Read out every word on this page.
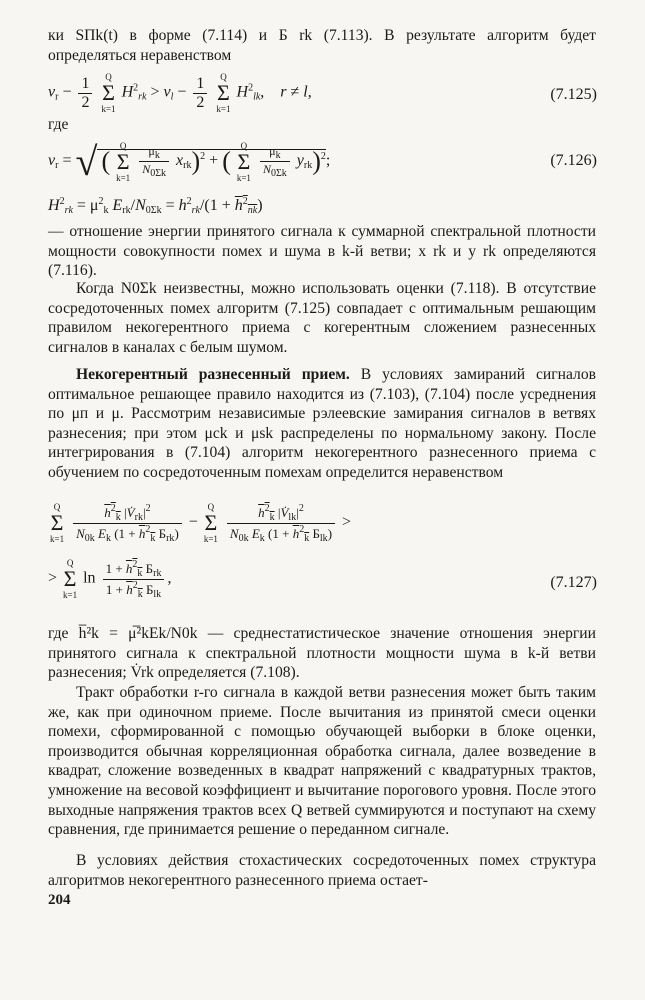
ки SΠk(t) в форме (7.114) и Б rk (7.113). В результате алгоритм будет определяться неравенством
$v_r - \frac{1}{2}$ Q
Σ
k=1 $H^2_{rk} > v_l - \frac{1}{2}$ Q
Σ
k=1 $H^2_{lk}$,    r ≠ l,	(7.125)
где
$v_r$ = √ ( Q
Σ
$k=1 \frac{\mu_k}{N_{0\Sigma k}} x_{rk})^2$ + ( Q
Σ
$k=1 \frac{\mu_k}{N_{0\Sigma k}} y_{rk})^2$;	(7.126)
$H^2_{rk} = \mu^2_k$ $E_{rk}/N_{0\Sigma k} = h^2_{rk}/(1 + h^2_{пk})$
— отношение энергии принятого сигнала к суммарной спектральной плотности мощности совокупности помех и шума в k-й ветви; x rk и y rk определяются (7.116).
Когда N0Σk неизвестны, можно использовать оценки (7.118). В отсутствие сосредоточенных помех алгоритм (7.125) совпадает с оптимальным решающим правилом некогерентного приема с когерентным сложением разнесенных сигналов в каналах с белым шумом.
Некогерентный разнесенный прием. В условиях замираний сигналов оптимальное решающее правило находится из (7.103), (7.104) после усреднения по μп и μ. Рассмотрим независимые рэлеевские замирания сигналов в ветвях разнесения; при этом μck и μsk распределены по нормальному закону. После интегрирования в (7.104) алгоритм некогерентного разнесенного приема с обучением по сосредоточенным помехам определится неравенством
Q
Σ
$k=1 \frac{h^2_k |V̇_{rk}|^2}{N_{0k} E_k (1 + h^2_k Б_{rk})} - Q$
Σ
$k=1 \frac{h^2_k |V̇_{lk}|^2}{N_{0k} E_k (1 + h^2_k Б_{lk})}$ >
> Q
Σ
k=1 $\ln \frac{1 + h^2_k Б_{rk}}{1 + h^2_k Б_{lk}}$ ,	(7.127)
где h̅²k = μ̅²kEk/N0k — среднестатистическое значение отношения энергии принятого сигнала к спектральной плотности мощности шума в k-й ветви разнесения; V̇rk определяется (7.108).
Тракт обработки r-го сигнала в каждой ветви разнесения может быть таким же, как при одиночном приеме. После вычитания из принятой смеси оценки помехи, сформированной с помощью обучающей выборки в блоке оценки, производится обычная корреляционная обработка сигнала, далее возведение в квадрат, сложение возведенных в квадрат напряжений с квадратурных трактов, умножение на весовой коэффициент и вычитание порогового уровня. После этого выходные напряжения трактов всех Q ветвей суммируются и поступают на схему сравнения, где принимается решение о переданном сигнале.
В условиях действия стохастических сосредоточенных помех структура алгоритмов некогерентного разнесенного приема остает-
204
